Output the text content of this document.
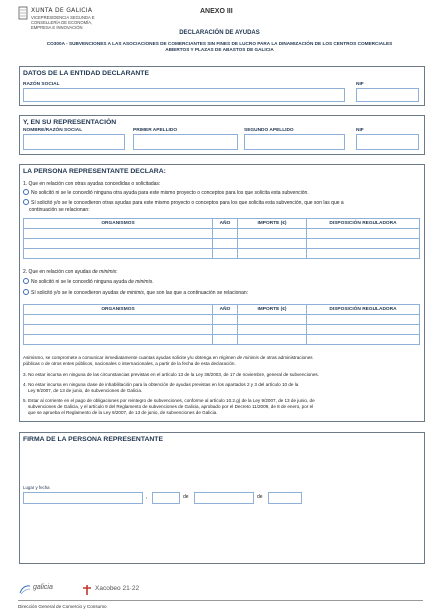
XUNTA DE GALICIA
VICEPRESIDENCIA SEGUNDA E
CONSELLERÍA DE ECONOMÍA,
EMPRESA E INNOVACIÓN
ANEXO III
DECLARACIÓN DE AYUDAS
CO300A - SUBVENCIONES A LAS ASOCIACIONES DE COMERCIANTES SIN FINES DE LUCRO PARA LA DINAMIZACIÓN DE LOS CENTROS COMERCIALES
ABIERTOS Y PLAZAS DE ABASTOS DE GALICIA
DATOS DE LA ENTIDAD DECLARANTE
RAZÓN SOCIAL	NIF
Y, EN SU REPRESENTACIÓN
NOMBRE/RAZÓN SOCIAL	PRIMER APELLIDO	SEGUNDO APELLIDO	NIF
LA PERSONA REPRESENTANTE DECLARA:
1. Que en relación con otras ayudas concedidas o solicitadas:
No solicitó ni se le concedió ninguna otra ayuda para este mismo proyecto o conceptos para los que solicita esta subvención.
Sí solicitó y/o se le concedieron otras ayudas para este mismo proyecto o conceptos para los que solicita esta subvención, que son las que a
continuación se relacionan:
ORGANISMOS	AÑO	IMPORTE (€)	DISPOSICIÓN REGULADORA

2. Que en relación con ayudas de minimis:
No solicitó ni se le concedió ninguna ayuda de minimis.
Sí solicitó y/o se le concedieron ayudas de minimis, que son las que a continuación se relacionan:
ORGANISMOS	AÑO	IMPORTE (€)	DISPOSICIÓN REGULADORA

Asimismo, se compromete a comunicar inmediatamente cuantas ayudas solicite y/u obtenga en régimen de minimis de otras administraciones
públicas o de otros entes públicos, nacionales o internacionales, a partir de la fecha de esta declaración.
3. No estar incursa en ninguna de las circunstancias previstas en el artículo 13 de la Ley 38/2003, de 17 de noviembre, general de subvenciones.
4. No estar incursa en ninguna clase de inhabilitación para la obtención de ayudas previstas en los apartados 2 y 3 del artículo 10 de la
Ley 9/2007, de 13 de junio, de subvenciones de Galicia.
5. Estar al corriente en el pago de obligaciones por reintegro de subvenciones, conforme al artículo 10.2.g) de la Ley 9/2007, de 13 de junio, de
subvenciones de Galicia, y el artículo 9 del Reglamento de subvenciones de Galicia, aprobado por el Decreto 11/2009, de 8 de enero, por el
que se aprueba el Reglamento de la Ley 9/2007, de 13 de junio, de subvenciones de Galicia.
FIRMA DE LA PERSONA REPRESENTANTE
Lugar y fecha
,	de	de
galicia	Xacobeo 21·22
Dirección General de Comercio y Consumo
